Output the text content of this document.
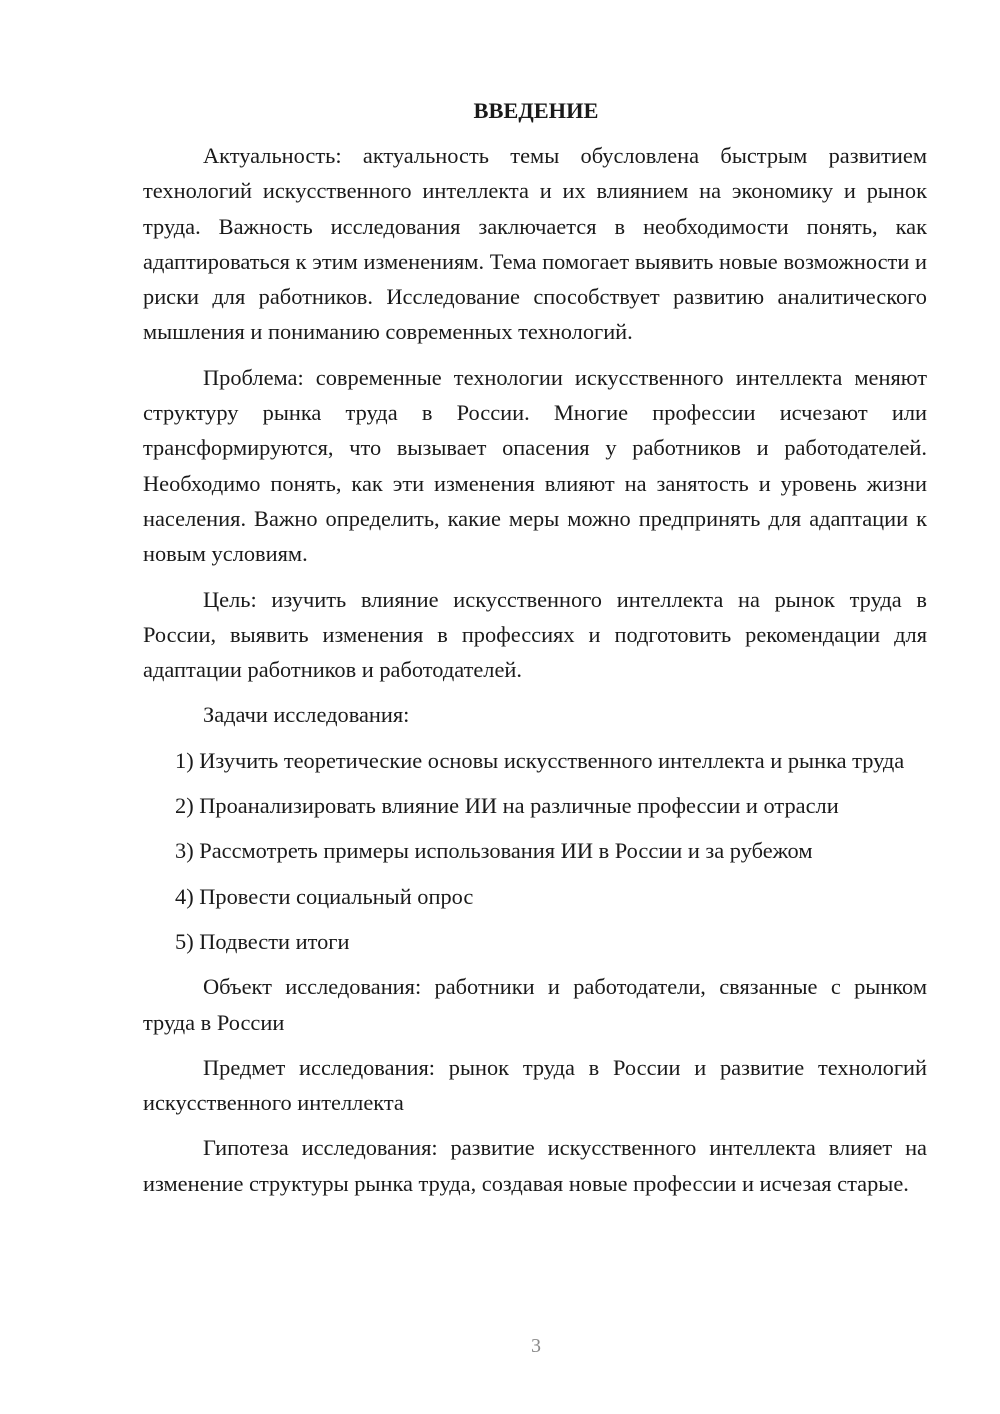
ВВЕДЕНИЕ

Актуальность: актуальность темы обусловлена быстрым развитием технологий искусственного интеллекта и их влиянием на экономику и рынок труда. Важность исследования заключается в необходимости понять, как адаптироваться к этим изменениям. Тема помогает выявить новые возможности и риски для работников. Исследование способствует развитию аналитического мышления и пониманию современных технологий.

Проблема: современные технологии искусственного интеллекта меняют структуру рынка труда в России. Многие профессии исчезают или трансформируются, что вызывает опасения у работников и работодателей. Необходимо понять, как эти изменения влияют на занятость и уровень жизни населения. Важно определить, какие меры можно предпринять для адаптации к новым условиям.

Цель: изучить влияние искусственного интеллекта на рынок труда в России, выявить изменения в профессиях и подготовить рекомендации для адаптации работников и работодателей.

Задачи исследования:

1) Изучить теоретические основы искусственного интеллекта и рынка труда

2) Проанализировать влияние ИИ на различные профессии и отрасли

3) Рассмотреть примеры использования ИИ в России и за рубежом

4) Провести социальный опрос

5) Подвести итоги

Объект исследования: работники и работодатели, связанные с рынком труда в России

Предмет исследования: рынок труда в России и развитие технологий искусственного интеллекта

Гипотеза исследования: развитие искусственного интеллекта влияет на изменение структуры рынка труда, создавая новые профессии и исчезая старые.

3
